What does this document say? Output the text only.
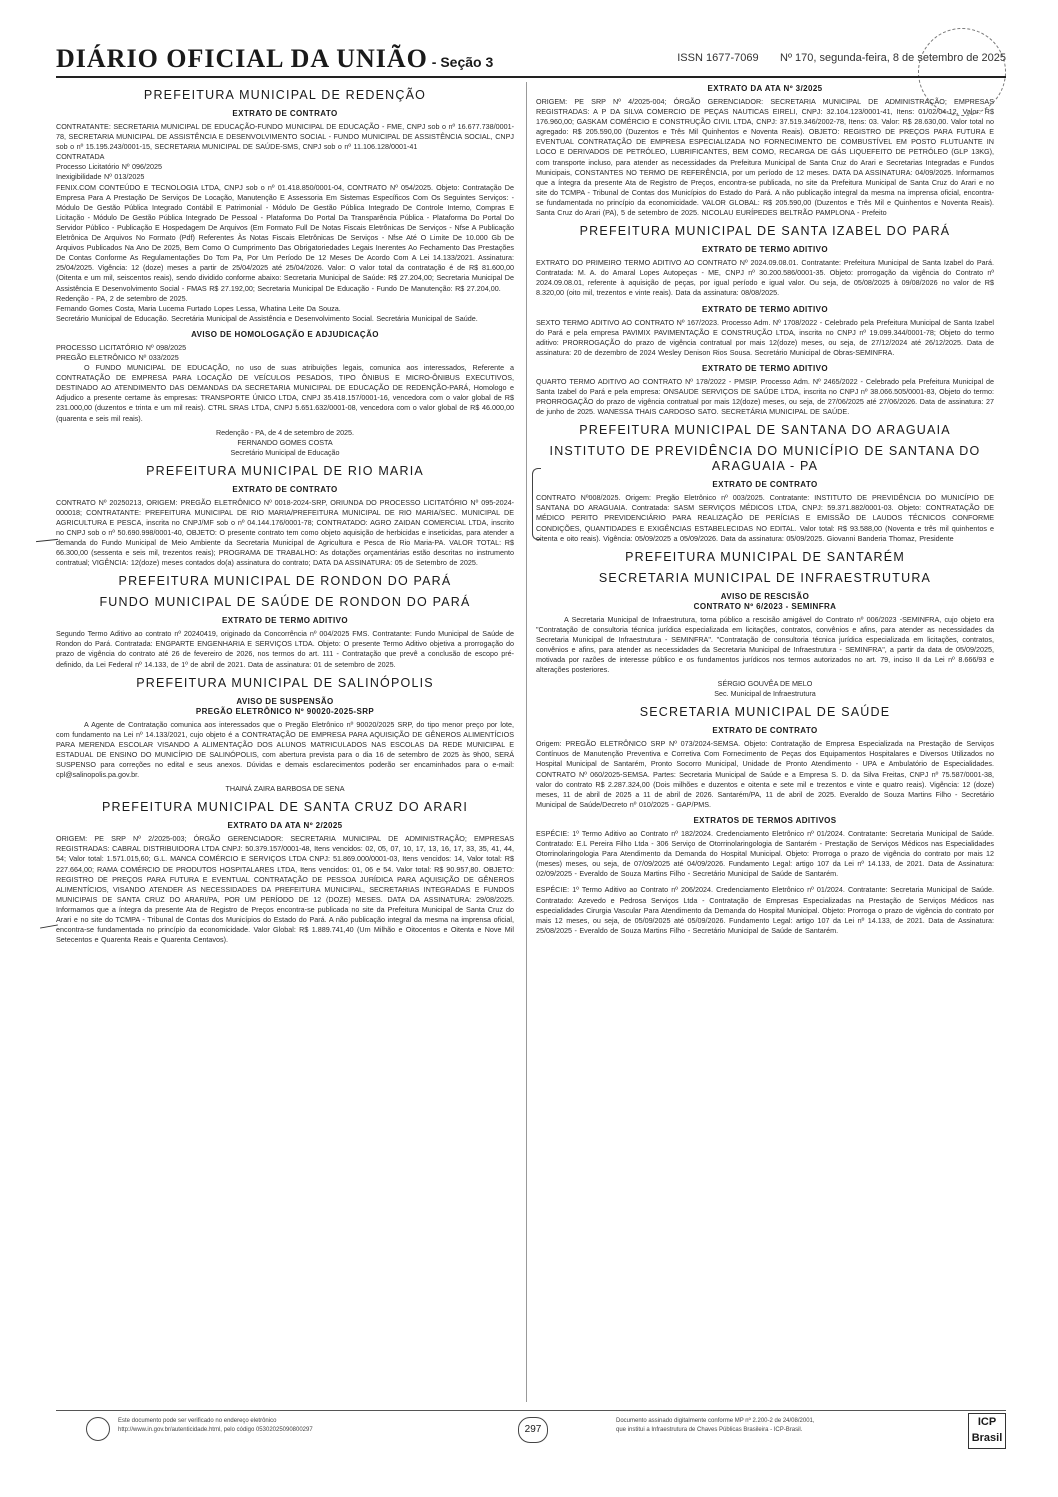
DIÁRIO OFICIAL DA UNIÃO - Seção 3	ISSN 1677-7069 Nº 170, segunda-feira, 8 de setembro de 2025
PREFEITURA MUNICIPAL DE REDENÇÃO
EXTRATO DE CONTRATO
CONTRATANTE: SECRETARIA MUNICIPAL DE EDUCAÇÃO-FUNDO MUNICIPAL DE EDUCAÇÃO - FME, CNPJ sob o nº 16.677.738/0001-78, SECRETARIA MUNICIPAL DE ASSISTÊNCIA E DESENVOLVIMENTO SOCIAL - FUNDO MUNICIPAL DE ASSISTÊNCIA SOCIAL, CNPJ sob o nº 15.195.243/0001-15, SECRETARIA MUNICIPAL DE SAÚDE-SMS, CNPJ sob o nº 11.106.128/0001-41
CONTRATADA
Processo Licitatório Nº 096/2025
Inexigibilidade Nº 013/2025
FENIX.COM CONTEÚDO E TECNOLOGIA LTDA, CNPJ sob o nº 01.418.850/0001-04, CONTRATO Nº 054/2025. Objeto: Contratação De Empresa Para A Prestação De Serviços De Locação, Manutenção E Assessoria Em Sistemas Específicos Com Os Seguintes Serviços: - Módulo De Gestão Pública Integrado Contábil E Patrimonial - Módulo De Gestão Pública Integrado De Controle Interno, Compras E Licitação - Módulo De Gestão Pública Integrado De Pessoal - Plataforma Do Portal Da Transparência Pública - Plataforma Do Portal Do Servidor Público - Publicação E Hospedagem De Arquivos (Em Formato Full De Notas Fiscais Eletrônicas De Serviços - Nfse A Publicação Eletrônica De Arquivos No Formato (Pdf) Referentes Às Notas Fiscais Eletrônicas De Serviços - Nfse Até O Limite De 10.000 Gb De Arquivos Publicados Na Ano De 2025, Bem Como O Cumprimento Das Obrigatoriedades Legais Inerentes Ao Fechamento Das Prestações De Contas Conforme As Regulamentações Do Tcm Pa, Por Um Período De 12 Meses De Acordo Com A Lei 14.133/2021. Assinatura: 25/04/2025. Vigência: 12 (doze) meses a partir de 25/04/2025 até 25/04/2026. Valor: O valor total da contratação é de R$ 81.600,00 (Oitenta e um mil, seiscentos reais), sendo dividido conforme abaixo: Secretaria Municipal de Saúde: R$ 27.204,00; Secretaria Municipal De Assistência E Desenvolvimento Social - FMAS R$ 27.192,00; Secretaria Municipal De Educação - Fundo De Manutenção: R$ 27.204,00.
Redenção - PA, 2 de setembro de 2025.
Fernando Gomes Costa, Maria Lucema Furtado Lopes Lessa, Whatina Leite Da Souza.
Secretário Municipal de Educação. Secretária Municipal de Assistência e Desenvolvimento Social. Secretária Municipal de Saúde.
AVISO DE HOMOLOGAÇÃO E ADJUDICAÇÃO
PROCESSO LICITATÓRIO Nº 098/2025
PREGÃO ELETRÔNICO Nº 033/2025
O FUNDO MUNICIPAL DE EDUCAÇÃO, no uso de suas atribuições legais, comunica aos interessados, Referente a CONTRATAÇÃO DE EMPRESA PARA LOCAÇÃO DE VEÍCULOS PESADOS, TIPO ÔNIBUS E MICRO-ÔNIBUS EXECUTIVOS, DESTINADO AO ATENDIMENTO DAS DEMANDAS DA SECRETARIA MUNICIPAL DE EDUCAÇÃO DE REDENÇÃO-PARÁ, Homologo e Adjudico a presente certame às empresas: TRANSPORTE ÚNICO LTDA, CNPJ 35.418.157/0001-16, vencedora com o valor global de R$ 231.000,00 (duzentos e trinta e um mil reais). CTRL SRAS LTDA, CNPJ 5.651.632/0001-08, vencedora com o valor global de R$ 46.000,00 (quarenta e seis mil reais).
Redenção - PA, de 4 de setembro de 2025.
FERNANDO GOMES COSTA
Secretário Municipal de Educação
PREFEITURA MUNICIPAL DE RIO MARIA
EXTRATO DE CONTRATO
CONTRATO Nº 20250213, ORIGEM: PREGÃO ELETRÔNICO Nº 0018-2024-SRP, ORIUNDA DO PROCESSO LICITATÓRIO Nº 095-2024-000018; CONTRATANTE: PREFEITURA MUNICIPAL DE RIO MARIA/PREFEITURA MUNICIPAL DE RIO MARIA/SEC. MUNICIPAL DE AGRICULTURA E PESCA, inscrita no CNPJ/MF sob o nº 04.144.176/0001-78; CONTRATADO: AGRO ZAIDAN COMERCIAL LTDA, inscrito no CNPJ sob o nº 50.690.998/0001-40, OBJETO: O presente contrato tem como objeto aquisição de herbicidas e inseticidas, para atender a demanda do Fundo Municipal de Meio Ambiente da Secretaria Municipal de Agricultura e Pesca de Rio Maria-PA. VALOR TOTAL: R$ 66.300,00 (sessenta e seis mil, trezentos reais); PROGRAMA DE TRABALHO: As dotações orçamentárias estão descritas no instrumento contratual; VIGÊNCIA: 12(doze) meses contados do(a) assinatura do contrato; DATA DA ASSINATURA: 05 de Setembro de 2025.
PREFEITURA MUNICIPAL DE RONDON DO PARÁ
FUNDO MUNICIPAL DE SAÚDE DE RONDON DO PARÁ
EXTRATO DE TERMO ADITIVO
Segundo Termo Aditivo ao contrato nº 20240419, originado da Concorrência nº 004/2025 FMS. Contratante: Fundo Municipal de Saúde de Rondon do Pará. Contratada: ENGPARTE ENGENHARIA E SERVIÇOS LTDA. Objeto: O presente Termo Aditivo objetiva a prorrogação do prazo de vigência do contrato até 26 de fevereiro de 2026, nos termos do art. 111 - Contratação que prevê a conclusão de escopo pré-definido, da Lei Federal nº 14.133, de 1º de abril de 2021. Data de assinatura: 01 de setembro de 2025.
PREFEITURA MUNICIPAL DE SALINÓPOLIS
AVISO DE SUSPENSÃO
PREGÃO ELETRÔNICO Nº 90020-2025-SRP
A Agente de Contratação comunica aos interessados que o Pregão Eletrônico nº 90020/2025 SRP, do tipo menor preço por lote, com fundamento na Lei nº 14.133/2021, cujo objeto é a CONTRATAÇÃO DE EMPRESA PARA AQUISIÇÃO DE GÊNEROS ALIMENTÍCIOS PARA MERENDA ESCOLAR VISANDO A ALIMENTAÇÃO DOS ALUNOS MATRICULADOS NAS ESCOLAS DA REDE MUNICIPAL E ESTADUAL DE ENSINO DO MUNICÍPIO DE SALINÓPOLIS, com abertura prevista para o dia 16 de setembro de 2025 às 9h00, SERÁ SUSPENSO para correções no edital e seus anexos. Dúvidas e demais esclarecimentos poderão ser encaminhados para o e-mail: cpl@salinopolis.pa.gov.br.
THAINÁ ZAIRA BARBOSA DE SENA
PREFEITURA MUNICIPAL DE SANTA CRUZ DO ARARI
EXTRATO DA ATA Nº 2/2025
ORIGEM: PE SRP Nº 2/2025-003; ÓRGÃO GERENCIADOR: SECRETARIA MUNICIPAL DE ADMINISTRAÇÃO; EMPRESAS REGISTRADAS: CABRAL DISTRIBUIDORA LTDA CNPJ: 50.379.157/0001-48, Itens vencidos: 02, 05, 07, 10, 17, 13, 16, 17, 33, 35, 41, 44, 54; Valor total: 1.571.015,60; G.L. MANCA COMÉRCIO E SERVIÇOS LTDA CNPJ: 51.869.000/0001-03, Itens vencidos: 14, Valor total: R$ 227.664,00; RAMA COMÉRCIO DE PRODUTOS HOSPITALARES LTDA, Itens vencidos: 01, 06 e 54. Valor total: R$ 90.957,80. OBJETO: REGISTRO DE PREÇOS PARA FUTURA E EVENTUAL CONTRATAÇÃO DE PESSOA JURÍDICA PARA AQUISIÇÃO DE GÊNEROS ALIMENTÍCIOS, VISANDO ATENDER AS NECESSIDADES DA PREFEITURA MUNICIPAL, SECRETARIAS INTEGRADAS E FUNDOS MUNICIPAIS DE SANTA CRUZ DO ARARI/PA, POR UM PERÍODO DE 12 (DOZE) MESES. DATA DA ASSINATURA: 29/08/2025. Informamos que a íntegra da presente Ata de Registro de Preços encontra-se publicada no site da Prefeitura Municipal de Santa Cruz do Arari e no site do TCMPA - Tribunal de Contas dos Municípios do Estado do Pará. A não publicação integral da mesma na imprensa oficial, encontra-se fundamentada no princípio da economicidade. Valor Global: R$ 1.889.741,40 (Um Milhão e Oitocentos e Oitenta e Nove Mil Setecentos e Quarenta Reais e Quarenta Centavos).
EXTRATO DA ATA Nº 3/2025
ORIGEM: PE SRP Nº 4/2025-004; ÓRGÃO GERENCIADOR: SECRETARIA MUNICIPAL DE ADMINISTRAÇÃO; EMPRESAS REGISTRADAS: A P DA SILVA COMERCIO DE PEÇAS NAUTICAS EIRELI, CNPJ: 32.104.123/0001-41, Itens: 01/02/04-12, Valor: R$ 176.960,00; GASKAM COMÉRCIO E CONSTRUÇÃO CIVIL LTDA, CNPJ: 37.519.346/2002-78, Itens: 03. Valor: R$ 28.630,00. Valor total no agregado: R$ 205.590,00 (Duzentos e Três Mil Quinhentos e Noventa Reais). OBJETO: REGISTRO DE PREÇOS PARA FUTURA E EVENTUAL CONTRATAÇÃO DE EMPRESA ESPECIALIZADA NO FORNECIMENTO DE COMBUSTÍVEL EM POSTO FLUTUANTE IN LOCO E DERIVADOS DE PETRÓLEO, LUBRIFICANTES, BEM COMO, RECARGA DE GÁS LIQUEFEITO DE PETRÓLEO (GLP 13KG), com transporte incluso, para atender as necessidades da Prefeitura Municipal de Santa Cruz do Arari e Secretarias Integradas e Fundos Municipais, CONSTANTES NO TERMO DE REFERÊNCIA, por um período de 12 meses. DATA DA ASSINATURA: 04/09/2025. Informamos que a íntegra da presente Ata de Registro de Preços, encontra-se publicada, no site da Prefeitura Municipal de Santa Cruz do Arari e no site do TCMPA - Tribunal de Contas dos Municípios do Estado do Pará. A não publicação integral da mesma na imprensa oficial, encontra-se fundamentada no princípio da economicidade. VALOR GLOBAL: R$ 205.590,00 (Duzentos e Três Mil e Quinhentos e Noventa Reais). Santa Cruz do Arari (PA), 5 de setembro de 2025. NICOLAU EURÍPEDES BELTRÃO PAMPLONA - Prefeito
PREFEITURA MUNICIPAL DE SANTA IZABEL DO PARÁ
EXTRATO DE TERMO ADITIVO
EXTRATO DO PRIMEIRO TERMO ADITIVO AO CONTRATO Nº 2024.09.08.01. Contratante: Prefeitura Municipal de Santa Izabel do Pará. Contratada: M. A. do Amaral Lopes Autopeças - ME, CNPJ nº 30.200.586/0001-35. Objeto: prorrogação da vigência do Contrato nº 2024.09.08.01, referente à aquisição de peças, por igual período e igual valor. Ou seja, de 05/08/2025 à 09/08/2026 no valor de R$ 8.320,00 (oito mil, trezentos e vinte reais). Data da assinatura: 08/08/2025.
EXTRATO DE TERMO ADITIVO
SEXTO TERMO ADITIVO AO CONTRATO Nº 167/2023. Processo Adm. Nº 1708/2022 - Celebrado pela Prefeitura Municipal de Santa Izabel do Pará e pela empresa PAVIMIX PAVIMENTAÇÃO E CONSTRUÇÃO LTDA, inscrita no CNPJ nº 19.099.344/0001-78; Objeto do termo aditivo: PRORROGAÇÃO do prazo de vigência contratual por mais 12(doze) meses, ou seja, de 27/12/2024 até 26/12/2025. Data de assinatura: 20 de dezembro de 2024 Wesley Denison Rios Sousa. Secretário Municipal de Obras-SEMINFRA.
EXTRATO DE TERMO ADITIVO
QUARTO TERMO ADITIVO AO CONTRATO Nº 178/2022 - PMSIP. Processo Adm. Nº 2465/2022 - Celebrado pela Prefeitura Municipal de Santa Izabel do Pará e pela empresa: ONSAUDE SERVIÇOS DE SAÚDE LTDA, inscrita no CNPJ nº 38.066.505/0001-83, Objeto do termo: PRORROGAÇÃO do prazo de vigência contratual por mais 12(doze) meses, ou seja, de 27/06/2025 até 27/06/2026. Data de assinatura: 27 de junho de 2025. WANESSA THAIS CARDOSO SATO. SECRETÁRIA MUNICIPAL DE SAÚDE.
PREFEITURA MUNICIPAL DE SANTANA DO ARAGUAIA
INSTITUTO DE PREVIDÊNCIA DO MUNICÍPIO DE SANTANA DO ARAGUAIA - PA
EXTRATO DE CONTRATO
CONTRATO Nº008/2025. Origem: Pregão Eletrônico nº 003/2025. Contratante: INSTITUTO DE PREVIDÊNCIA DO MUNICÍPIO DE SANTANA DO ARAGUAIA. Contratada: SASM SERVIÇOS MÉDICOS LTDA, CNPJ: 59.371.882/0001-03. Objeto: CONTRATAÇÃO DE MÉDICO PERITO PREVIDENCIÁRIO PARA REALIZAÇÃO DE PERÍCIAS E EMISSÃO DE LAUDOS TÉCNICOS CONFORME CONDIÇÕES, QUANTIDADES E EXIGÊNCIAS ESTABELECIDAS NO EDITAL. Valor total: R$ 93.588,00 (Noventa e três mil quinhentos e oitenta e oito reais). Vigência: 05/09/2025 a 05/09/2026. Data da assinatura: 05/09/2025. Giovanni Banderia Thomaz, Presidente
PREFEITURA MUNICIPAL DE SANTARÉM
SECRETARIA MUNICIPAL DE INFRAESTRUTURA
AVISO DE RESCISÃO
CONTRATO Nº 6/2023 - SEMINFRA
A Secretaria Municipal de Infraestrutura, torna público a rescisão amigável do Contrato nº 006/2023 -SEMINFRA, cujo objeto era "Contratação de consultoria técnica jurídica especializada em licitações, contratos, convênios e afins, para atender as necessidades da Secretaria Municipal de Infraestrutura - SEMINFRA". "Contratação de consultoria técnica jurídica especializada em licitações, contratos, convênios e afins, para atender as necessidades da Secretaria Municipal de Infraestrutura - SEMINFRA", a partir da data de 05/09/2025, motivada por razões de interesse público e os fundamentos jurídicos nos termos autorizados no art. 79, inciso II da Lei nº 8.666/93 e alterações posteriores.
SÉRGIO GOUVÊA DE MELO
Sec. Municipal de Infraestrutura
SECRETARIA MUNICIPAL DE SAÚDE
EXTRATO DE CONTRATO
Origem: PREGÃO ELETRÔNICO SRP Nº 073/2024-SEMSA. Objeto: Contratação de Empresa Especializada na Prestação de Serviços Contínuos de Manutenção Preventiva e Corretiva Com Fornecimento de Peças dos Equipamentos Hospitalares e Diversos Utilizados no Hospital Municipal de Santarém, Pronto Socorro Municipal, Unidade de Pronto Atendimento - UPA e Ambulatório de Especialidades. CONTRATO Nº 060/2025-SEMSA. Partes: Secretaria Municipal de Saúde e a Empresa S. D. da Silva Freitas, CNPJ nº 75.587/0001-38, valor do contrato R$ 2.287.324,00 (Dois milhões e duzentos e oitenta e sete mil e trezentos e vinte e quatro reais). Vigência: 12 (doze) meses, 11 de abril de 2025 a 11 de abril de 2026. Santarém/PA, 11 de abril de 2025. Everaldo de Souza Martins Filho - Secretário Municipal de Saúde/Decreto nº 010/2025 - GAP/PMS.
EXTRATOS DE TERMOS ADITIVOS
ESPÉCIE: 1º Termo Aditivo ao Contrato nº 182/2024. Credenciamento Eletrônico nº 01/2024. Contratante: Secretaria Municipal de Saúde. Contratado: E.L Pereira Filho Ltda - 306 Serviço de Otorrinolaringologia de Santarém - Prestação de Serviços Médicos nas Especialidades Otorrinolaringologia Para Atendimento da Demanda do Hospital Municipal. Objeto: Prorroga o prazo de vigência do contrato por mais 12 (meses) meses, ou seja, de 07/09/2025 até 04/09/2026. Fundamento Legal: artigo 107 da Lei nº 14.133, de 2021. Data de Assinatura: 02/09/2025 - Everaldo de Souza Martins Filho - Secretário Municipal de Saúde de Santarém.
ESPÉCIE: 1º Termo Aditivo ao Contrato nº 206/2024. Credenciamento Eletrônico nº 01/2024. Contratante: Secretaria Municipal de Saúde. Contratado: Azevedo e Pedrosa Serviços Ltda - Contratação de Empresas Especializadas na Prestação de Serviços Médicos nas especialidades Cirurgia Vascular Para Atendimento da Demanda do Hospital Municipal. Objeto: Prorroga o prazo de vigência do contrato por mais 12 meses, ou seja, de 05/09/2025 até 05/09/2026. Fundamento Legal: artigo 107 da Lei nº 14.133, de 2021. Data de Assinatura: 25/08/2025 - Everaldo de Souza Martins Filho - Secretário Municipal de Saúde de Santarém.
Este documento pode ser verificado no endereço eletrônico
http://www.in.gov.br/autenticidade.html, pelo código 05302025090800297	297
Documento assinado digitalmente conforme MP nº 2.200-2 de 24/08/2001,
que institui a Infraestrutura de Chaves Públicas Brasileira - ICP-Brasil.
ICP Brasil
